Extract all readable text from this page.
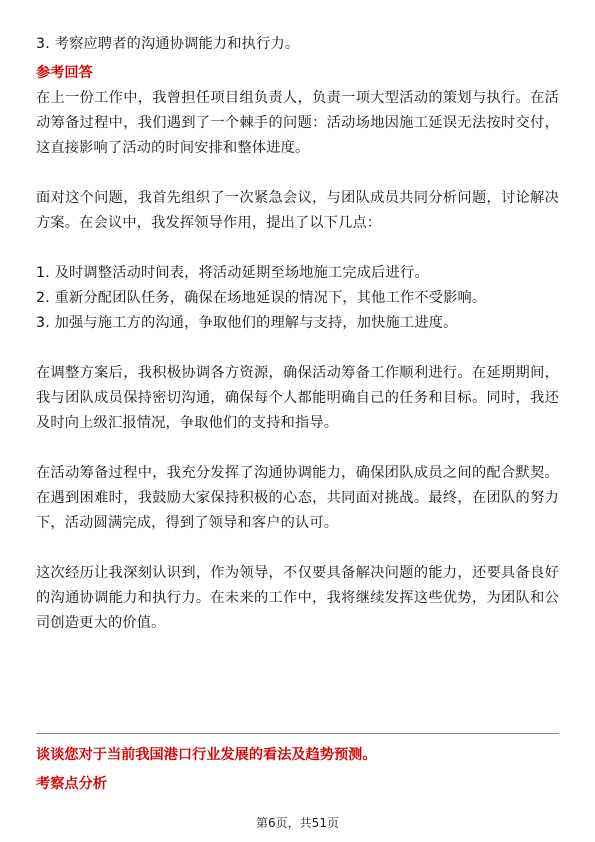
3. 考察应聘者的沟通协调能力和执行力。

参考回答

在上一份工作中，我曾担任项目组负责人，负责一项大型活动的策划与执行。在活动筹备过程中，我们遇到了一个棘手的问题：活动场地因施工延误无法按时交付，这直接影响了活动的时间安排和整体进度。

面对这个问题，我首先组织了一次紧急会议，与团队成员共同分析问题，讨论解决方案。在会议中，我发挥领导作用，提出了以下几点：

1. 及时调整活动时间表，将活动延期至场地施工完成后进行。
2. 重新分配团队任务，确保在场地延误的情况下，其他工作不受影响。
3. 加强与施工方的沟通，争取他们的理解与支持，加快施工进度。

在调整方案后，我积极协调各方资源，确保活动筹备工作顺利进行。在延期期间，我与团队成员保持密切沟通，确保每个人都能明确自己的任务和目标。同时，我还及时向上级汇报情况，争取他们的支持和指导。

在活动筹备过程中，我充分发挥了沟通协调能力，确保团队成员之间的配合默契。在遇到困难时，我鼓励大家保持积极的心态，共同面对挑战。最终，在团队的努力下，活动圆满完成，得到了领导和客户的认可。

这次经历让我深刻认识到，作为领导，不仅要具备解决问题的能力，还要具备良好的沟通协调能力和执行力。在未来的工作中，我将继续发挥这些优势，为团队和公司创造更大的价值。

谈谈您对于当前我国港口行业发展的看法及趋势预测。

考察点分析

第6页，共51页
